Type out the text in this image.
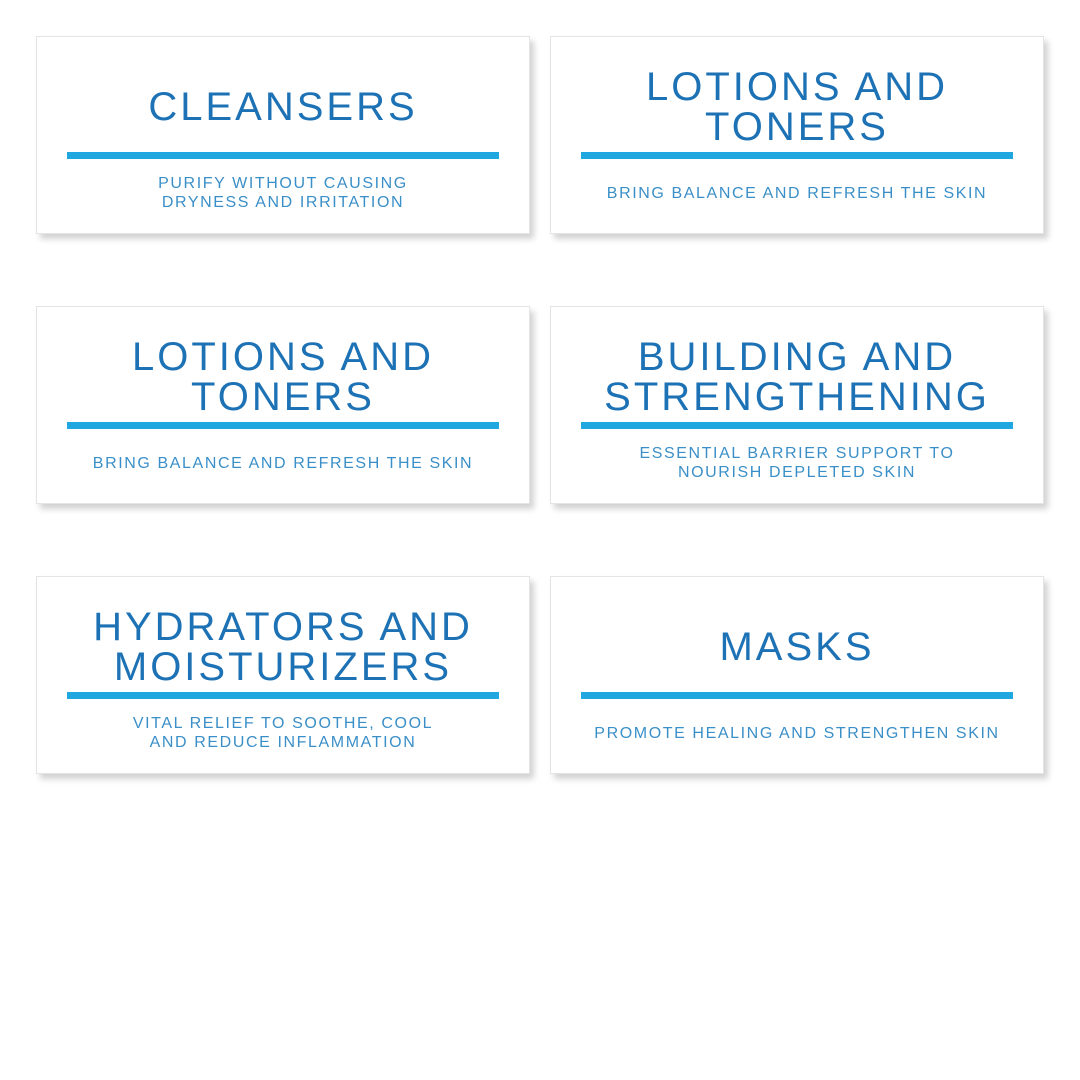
CLEANSERS
PURIFY WITHOUT CAUSING
DRYNESS AND IRRITATION
LOTIONS AND
TONERS
BRING BALANCE AND REFRESH THE SKIN
LOTIONS AND
TONERS
BRING BALANCE AND REFRESH THE SKIN
BUILDING AND
STRENGTHENING
ESSENTIAL BARRIER SUPPORT TO
NOURISH DEPLETED SKIN
HYDRATORS AND
MOISTURIZERS
VITAL RELIEF TO SOOTHE, COOL
AND REDUCE INFLAMMATION
MASKS
PROMOTE HEALING AND STRENGTHEN SKIN
